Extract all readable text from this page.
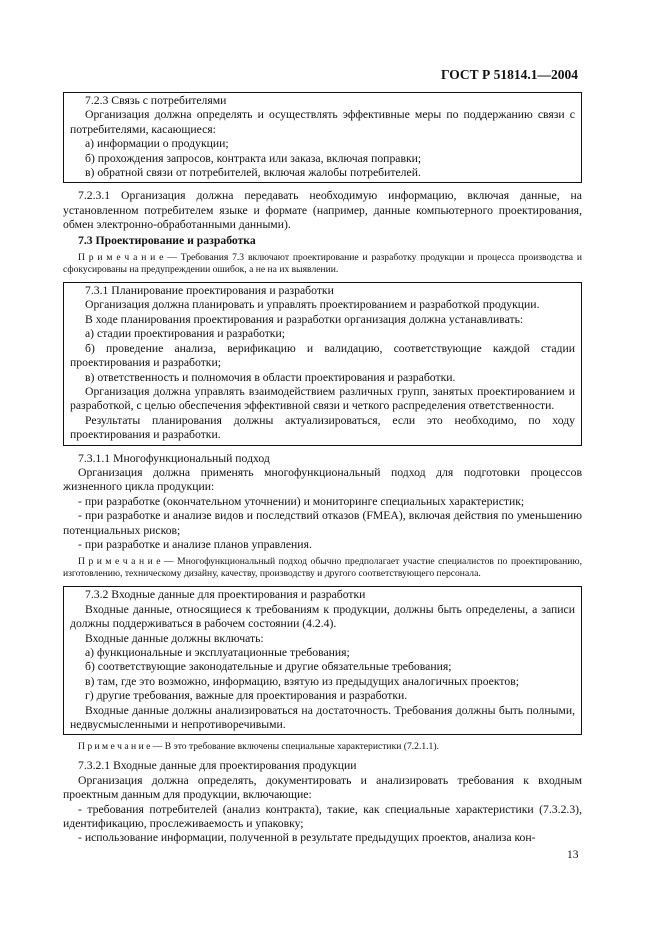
ГОСТ Р 51814.1—2004

7.2.3 Связь с потребителями

Организация должна определять и осуществлять эффективные меры по поддержанию связи с потребителями, касающиеся:

а) информации о продукции;

б) прохождения запросов, контракта или заказа, включая поправки;

в) обратной связи от потребителей, включая жалобы потребителей.

7.2.3.1 Организация должна передавать необходимую информацию, включая данные, на установленном потребителем языке и формате (например, данные компьютерного проектирования, обмен электронно-обработанными данными).

7.3 Проектирование и разработка

П р и м е ч а н и е — Требования 7.3 включают проектирование и разработку продукции и процесса производства и сфокусированы на предупреждении ошибок, а не на их выявлении.

7.3.1 Планирование проектирования и разработки

Организация должна планировать и управлять проектированием и разработкой продукции.

В ходе планирования проектирования и разработки организация должна устанавливать:

а) стадии проектирования и разработки;

б) проведение анализа, верификацию и валидацию, соответствующие каждой стадии проектирования и разработки;

в) ответственность и полномочия в области проектирования и разработки.

Организация должна управлять взаимодействием различных групп, занятых проектированием и разработкой, с целью обеспечения эффективной связи и четкого распределения ответственности.

Результаты планирования должны актуализироваться, если это необходимо, по ходу проектирования и разработки.

7.3.1.1 Многофункциональный подход

Организация должна применять многофункциональный подход для подготовки процессов жизненного цикла продукции:

- при разработке (окончательном уточнении) и мониторинге специальных характеристик;

- при разработке и анализе видов и последствий отказов (FMEA), включая действия по уменьшению потенциальных рисков;

- при разработке и анализе планов управления.

П р и м е ч а н и е — Многофункциональный подход обычно предполагает участие специалистов по проектированию, изготовлению, техническому дизайну, качеству, производству и другого соответствующего персонала.

7.3.2 Входные данные для проектирования и разработки

Входные данные, относящиеся к требованиям к продукции, должны быть определены, а записи должны поддерживаться в рабочем состоянии (4.2.4).

Входные данные должны включать:

а) функциональные и эксплуатационные требования;

б) соответствующие законодательные и другие обязательные требования;

в) там, где это возможно, информацию, взятую из предыдущих аналогичных проектов;

г) другие требования, важные для проектирования и разработки.

Входные данные должны анализироваться на достаточность. Требования должны быть полными, недвусмысленными и непротиворечивыми.

П р и м е ч а н и е — В это требование включены специальные характеристики (7.2.1.1).

7.3.2.1 Входные данные для проектирования продукции

Организация должна определять, документировать и анализировать требования к входным проектным данным для продукции, включающие:

- требования потребителей (анализ контракта), такие, как специальные характеристики (7.3.2.3), идентификацию, прослеживаемость и упаковку;

- использование информации, полученной в результате предыдущих проектов, анализа кон-

13
